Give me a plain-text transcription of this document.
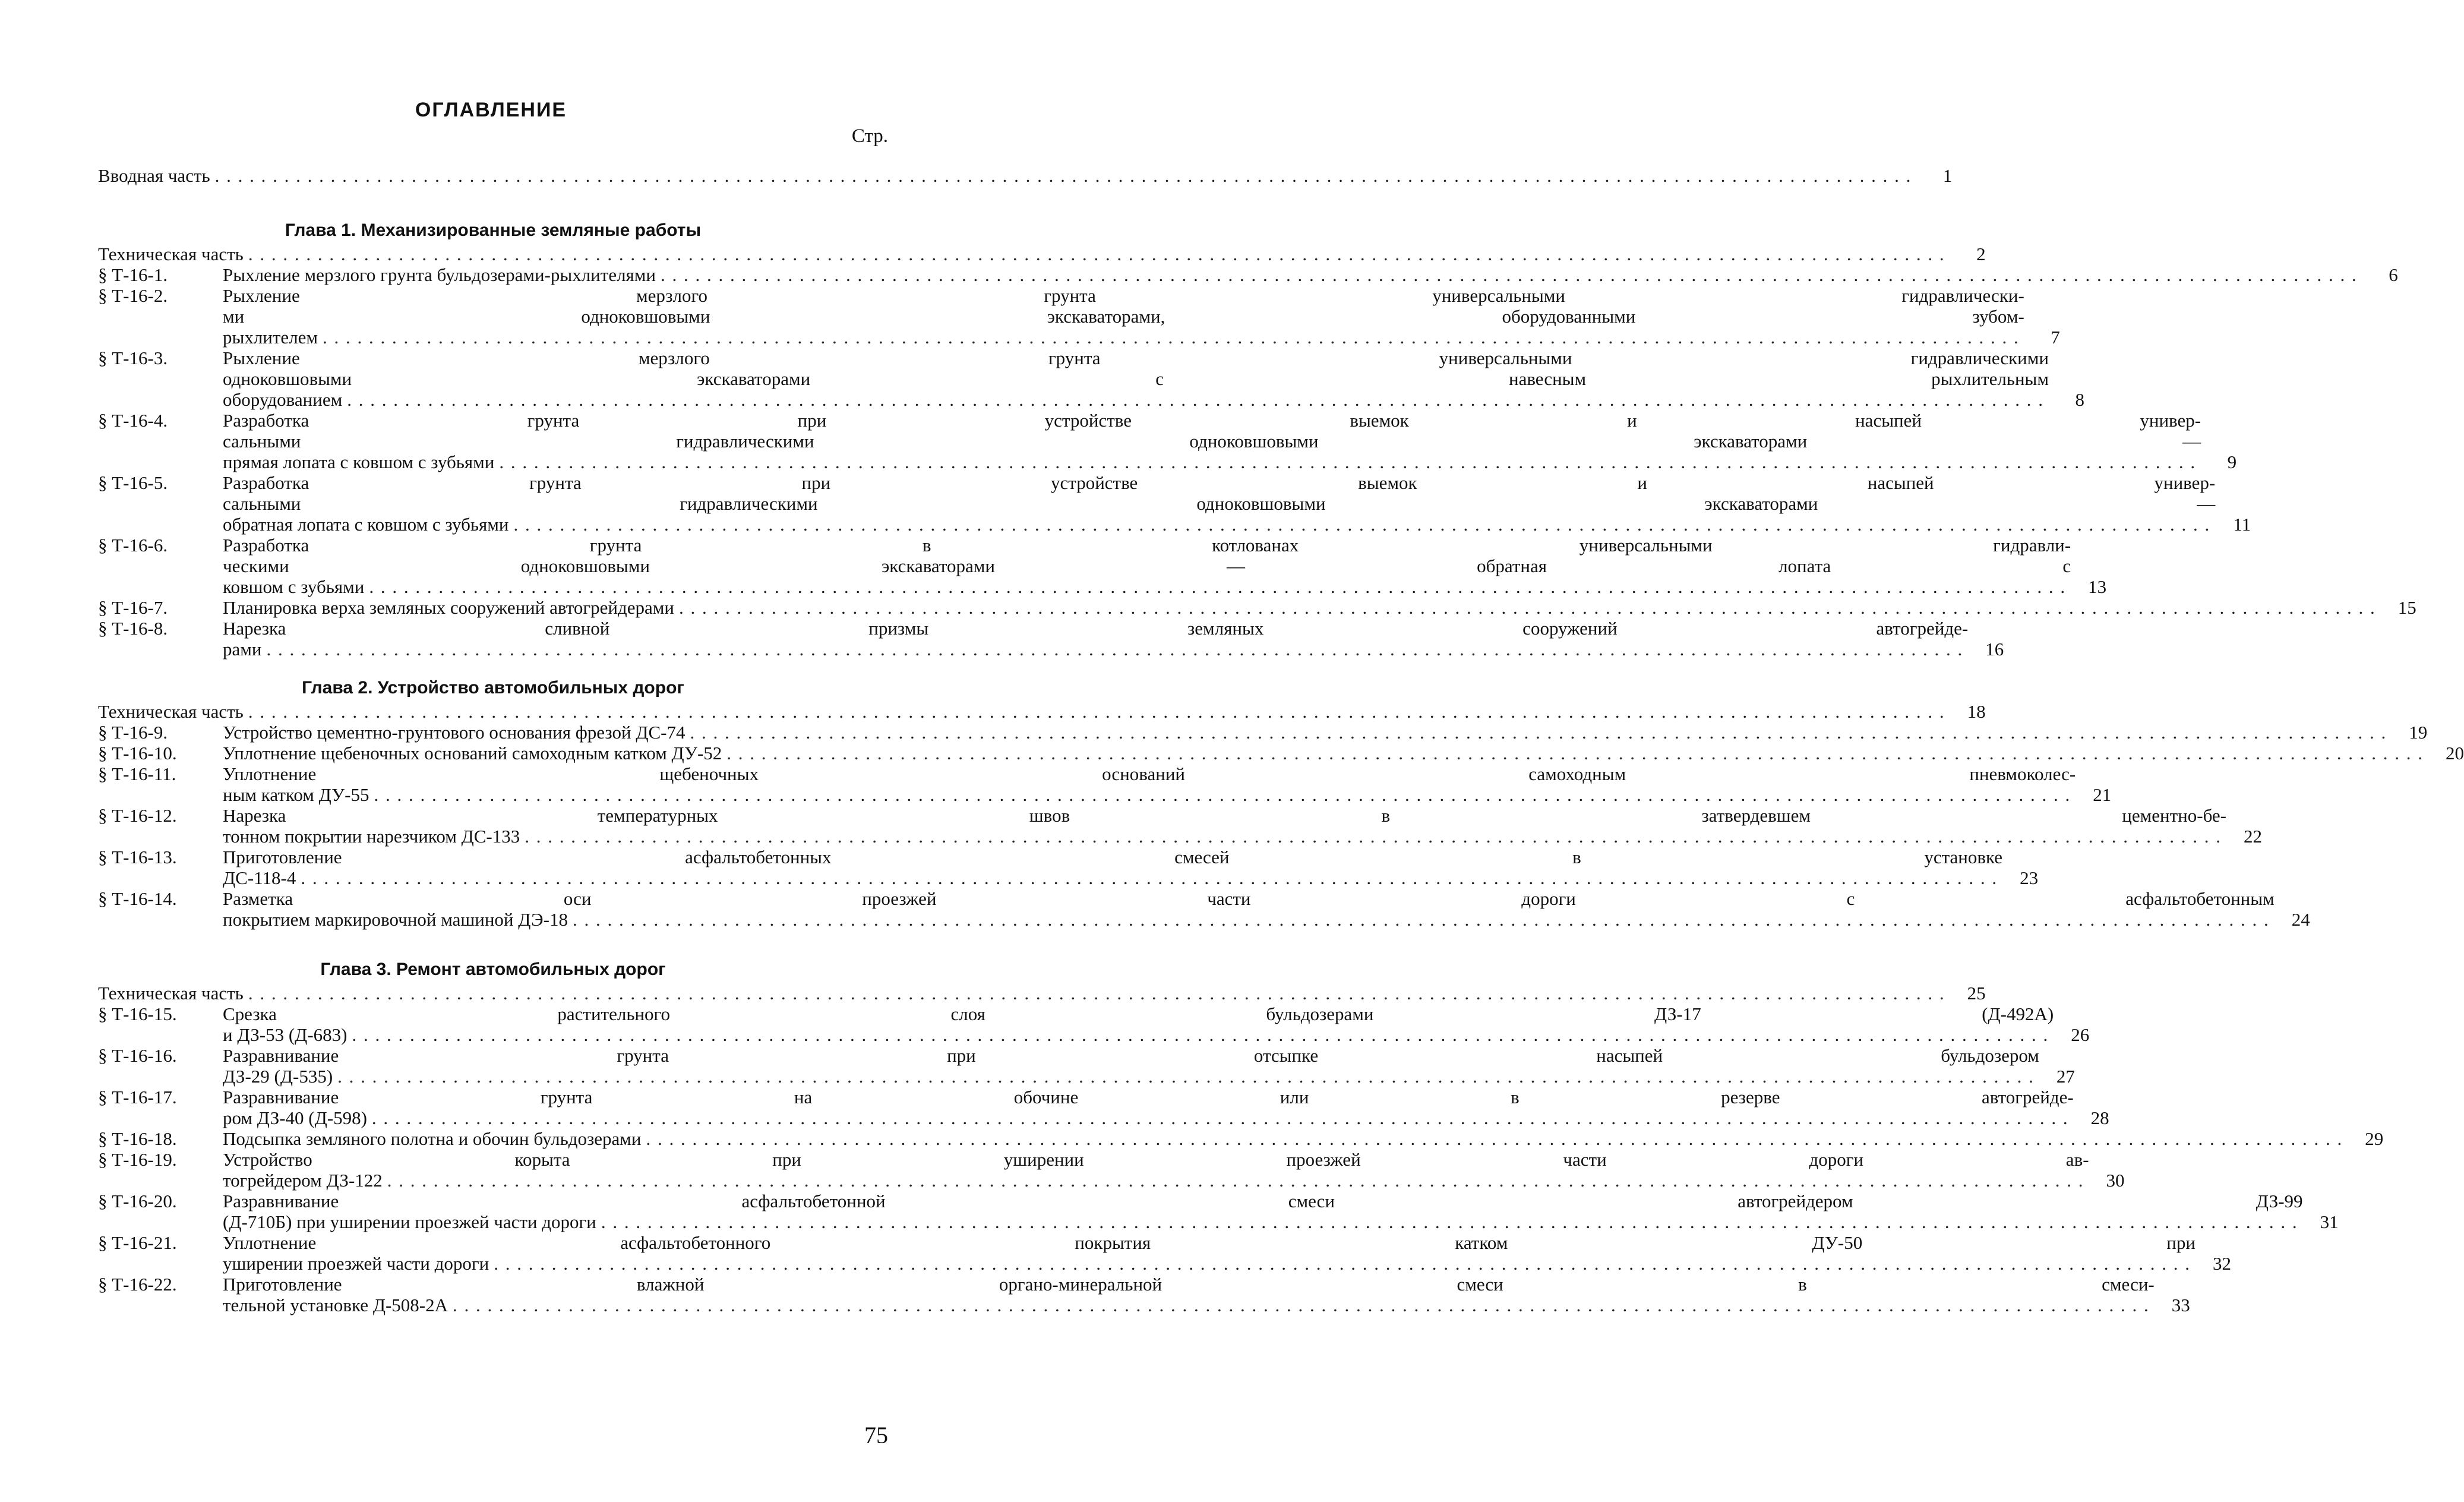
ОГЛАВЛЕНИЕ
Стр.
Вводная часть . . .	1
Глава 1. Механизированные земляные работы
Техническая часть . . .	2
§ Т-16-1.	Рыхление мерзлого грунта бульдозерами-рыхлителями . . .	6
§ Т-16-2.	Рыхление мерзлого грунта универсальными гидравлически-
ми одноковшовыми экскаваторами, оборудованными зубом-
рыхлителем . . .	7
§ Т-16-3.	Рыхление мерзлого грунта универсальными гидравлическими
одноковшовыми экскаваторами с навесным рыхлительным
оборудованием . . .	8
§ Т-16-4.	Разработка грунта при устройстве выемок и насыпей универ-
сальными гидравлическими одноковшовыми экскаваторами —
прямая лопата с ковшом с зубьями . . .	9
§ Т-16-5.	Разработка грунта при устройстве выемок и насыпей универ-
сальными гидравлическими одноковшовыми экскаваторами —
обратная лопата с ковшом с зубьями . . .	11
§ Т-16-6.	Разработка грунта в котлованах универсальными гидравли-
ческими одноковшовыми экскаваторами — обратная лопата с
ковшом с зубьями . . .	13
§ Т-16-7.	Планировка верха земляных сооружений автогрейдерами . . .	15
§ Т-16-8.	Нарезка сливной призмы земляных сооружений автогрейде-
рами . . .	16
Глава 2. Устройство автомобильных дорог
Техническая часть . . .	18
§ Т-16-9.	Устройство цементно-грунтового основания фрезой ДС-74 . . .	19
§ Т-16-10.	Уплотнение щебеночных оснований самоходным катком ДУ-52 . . .	20
§ Т-16-11.	Уплотнение щебеночных оснований самоходным пневмоколес-
ным катком ДУ-55 . . .	21
§ Т-16-12.	Нарезка температурных швов в затвердевшем цементно-бе-
тонном покрытии нарезчиком ДС-133 . . .	22
§ Т-16-13.	Приготовление асфальтобетонных смесей в установке
ДС-118-4 . . .	23
§ Т-16-14.	Разметка оси проезжей части дороги с асфальтобетонным
покрытием маркировочной машиной ДЭ-18 . . .	24
Глава 3. Ремонт автомобильных дорог
Техническая часть . . .	25
§ Т-16-15.	Срезка растительного слоя бульдозерами ДЗ-17 (Д-492А)
и ДЗ-53 (Д-683) . . .	26
§ Т-16-16.	Разравнивание грунта при отсыпке насыпей бульдозером
ДЗ-29 (Д-535) . . .	27
§ Т-16-17.	Разравнивание грунта на обочине или в резерве автогрейде-
ром ДЗ-40 (Д-598) . . .	28
§ Т-16-18.	Подсыпка земляного полотна и обочин бульдозерами . . .	29
§ Т-16-19.	Устройство корыта при уширении проезжей части дороги ав-
тогрейдером ДЗ-122 . . .	30
§ Т-16-20.	Разравнивание асфальтобетонной смеси автогрейдером ДЗ-99
(Д-710Б) при уширении проезжей части дороги . . .	31
§ Т-16-21.	Уплотнение асфальтобетонного покрытия катком ДУ-50 при
уширении проезжей части дороги . . .	32
§ Т-16-22.	Приготовление влажной органо-минеральной смеси в смеси-
тельной установке Д-508-2А . . .	33
75
